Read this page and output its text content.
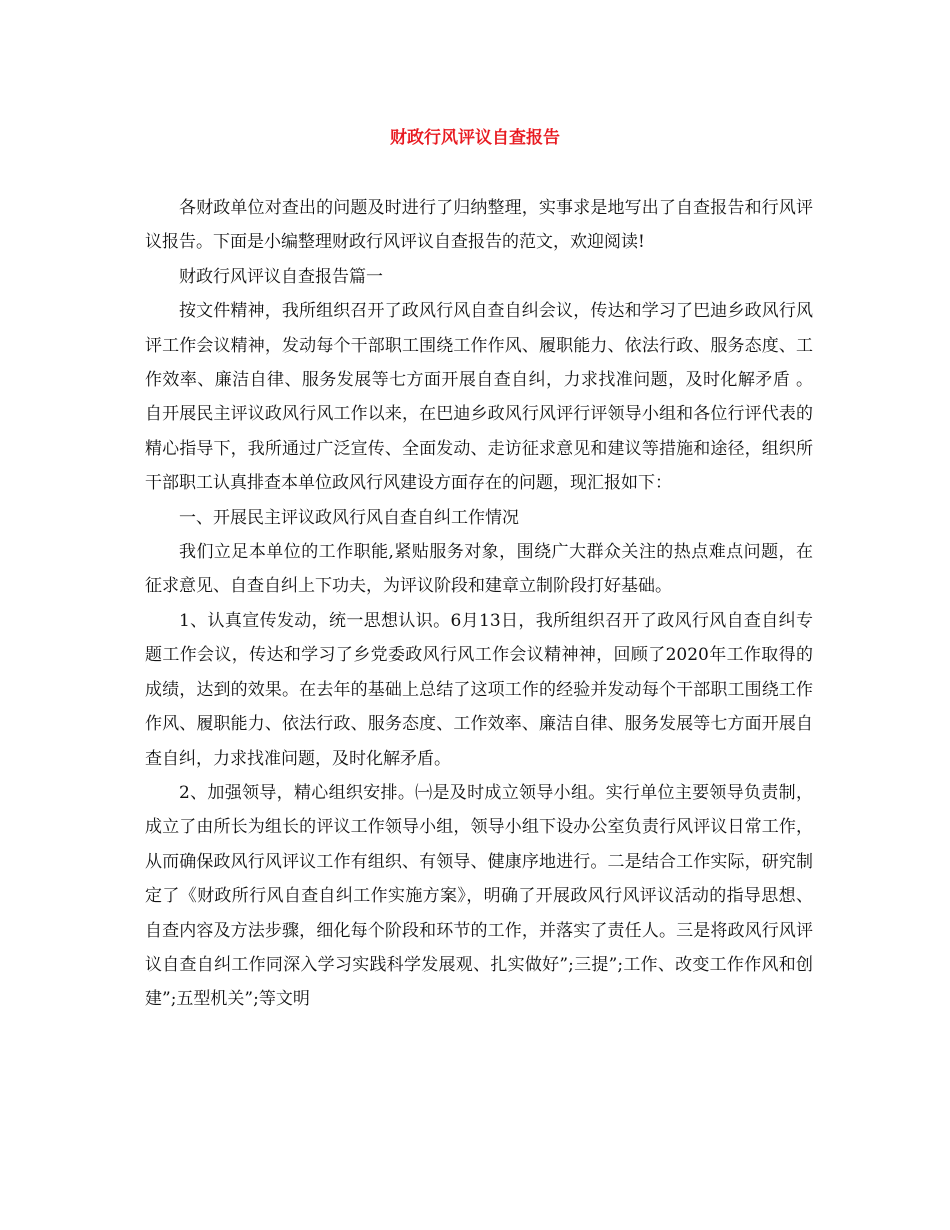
财政行风评议自查报告

各财政单位对查出的问题及时进行了归纳整理，实事求是地写出了自查报告和行风评议报告。下面是小编整理财政行风评议自查报告的范文，欢迎阅读!

财政行风评议自查报告篇一

按文件精神，我所组织召开了政风行风自查自纠会议，传达和学习了巴迪乡政风行风评工作会议精神，发动每个干部职工围绕工作作风、履职能力、依法行政、服务态度、工作效率、廉洁自律、服务发展等七方面开展自查自纠，力求找准问题，及时化解矛盾 。自开展民主评议政风行风工作以来，在巴迪乡政风行风评行评领导小组和各位行评代表的精心指导下，我所通过广泛宣传、全面发动、走访征求意见和建议等措施和途径，组织所干部职工认真排查本单位政风行风建设方面存在的问题，现汇报如下：

一、开展民主评议政风行风自查自纠工作情况

我们立足本单位的工作职能,紧贴服务对象，围绕广大群众关注的热点难点问题，在征求意见、自查自纠上下功夫，为评议阶段和建章立制阶段打好基础。

1、认真宣传发动，统一思想认识。6月13日，我所组织召开了政风行风自查自纠专题工作会议，传达和学习了乡党委政风行风工作会议精神神，回顾了2020年工作取得的成绩，达到的效果。在去年的基础上总结了这项工作的经验并发动每个干部职工围绕工作作风、履职能力、依法行政、服务态度、工作效率、廉洁自律、服务发展等七方面开展自查自纠，力求找准问题，及时化解矛盾。

2、加强领导，精心组织安排。㈠是及时成立领导小组。实行单位主要领导负责制，成立了由所长为组长的评议工作领导小组，领导小组下设办公室负责行风评议日常工作，从而确保政风行风评议工作有组织、有领导、健康序地进行。二是结合工作实际，研究制定了《财政所行风自查自纠工作实施方案》，明确了开展政风行风评议活动的指导思想、自查内容及方法步骤，细化每个阶段和环节的工作，并落实了责任人。三是将政风行风评议自查自纠工作同深入学习实践科学发展观、扎实做好”;三提”;工作、改变工作作风和创建”;五型机关”;等文明
